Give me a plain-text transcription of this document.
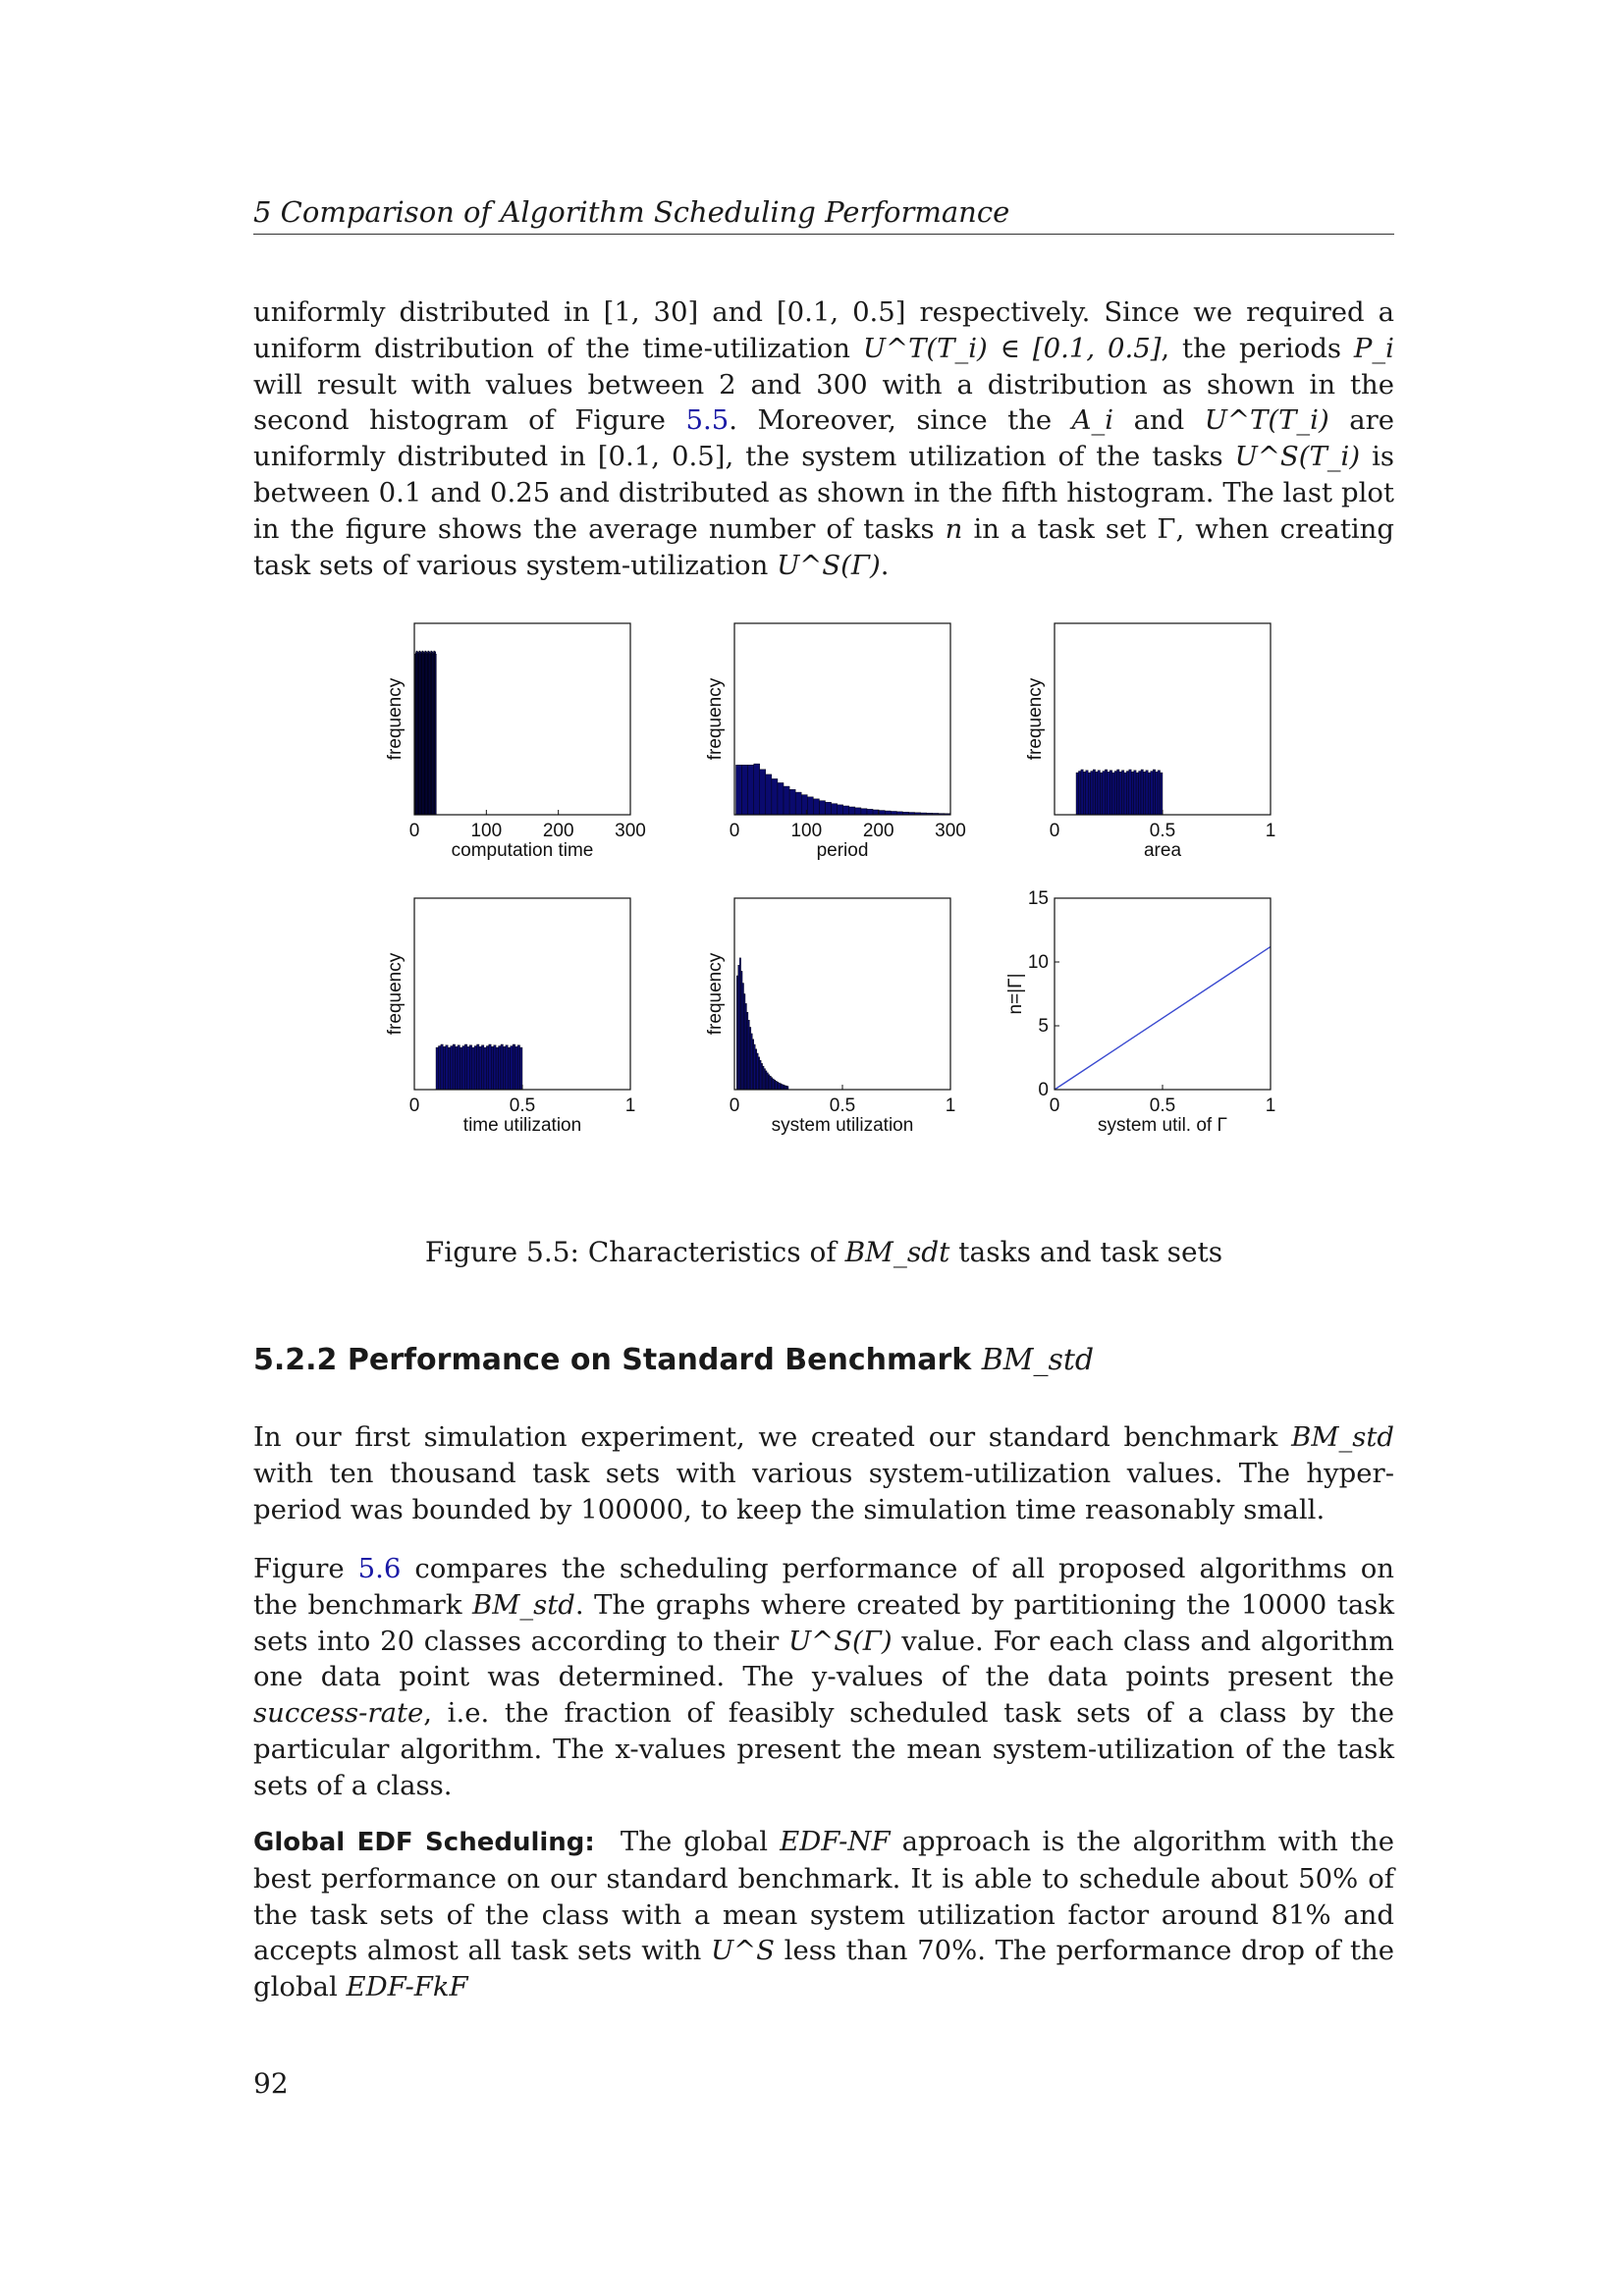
5 Comparison of Algorithm Scheduling Performance

uniformly distributed in [1, 30] and [0.1, 0.5] respectively. Since we required a uniform distribution of the time-utilization U^T(T_i) ∈ [0.1, 0.5], the periods P_i will result with values between 2 and 300 with a distribution as shown in the second histogram of Figure 5.5. Moreover, since the A_i and U^T(T_i) are uniformly distributed in [0.1, 0.5], the system utilization of the tasks U^S(T_i) is between 0.1 and 0.25 and distributed as shown in the fifth histogram. The last plot in the figure shows the average number of tasks n in a task set Γ, when creating task sets of various system-utilization U^S(Γ).

0	100 200 300
computation time
frequency
0	100 200 300
period
frequency
0	0.5	1
area
frequency
0	0.5	1
time utilization
frequency
0	0.5	1
system utilization
frequency
0
5
10
15
0	0.5	1
system util. of Γ
n=|Γ|
Figure 5.5: Characteristics of BM_sdt tasks and task sets
5.2.2 Performance on Standard Benchmark BM_std

In our first simulation experiment, we created our standard benchmark BM_std with ten thousand task sets with various system-utilization values. The hyper-period was bounded by 100000, to keep the simulation time reasonably small.

Figure 5.6 compares the scheduling performance of all proposed algorithms on the benchmark BM_std. The graphs where created by partitioning the 10000 task sets into 20 classes according to their U^S(Γ) value. For each class and algorithm one data point was determined. The y-values of the data points present the success-rate, i.e. the fraction of feasibly scheduled task sets of a class by the particular algorithm. The x-values present the mean system-utilization of the task sets of a class.

Global EDF Scheduling: The global EDF-NF approach is the algorithm with the best performance on our standard benchmark. It is able to schedule about 50% of the task sets of the class with a mean system utilization factor around 81% and accepts almost all task sets with U^S less than 70%. The performance drop of the global EDF-FkF

92
